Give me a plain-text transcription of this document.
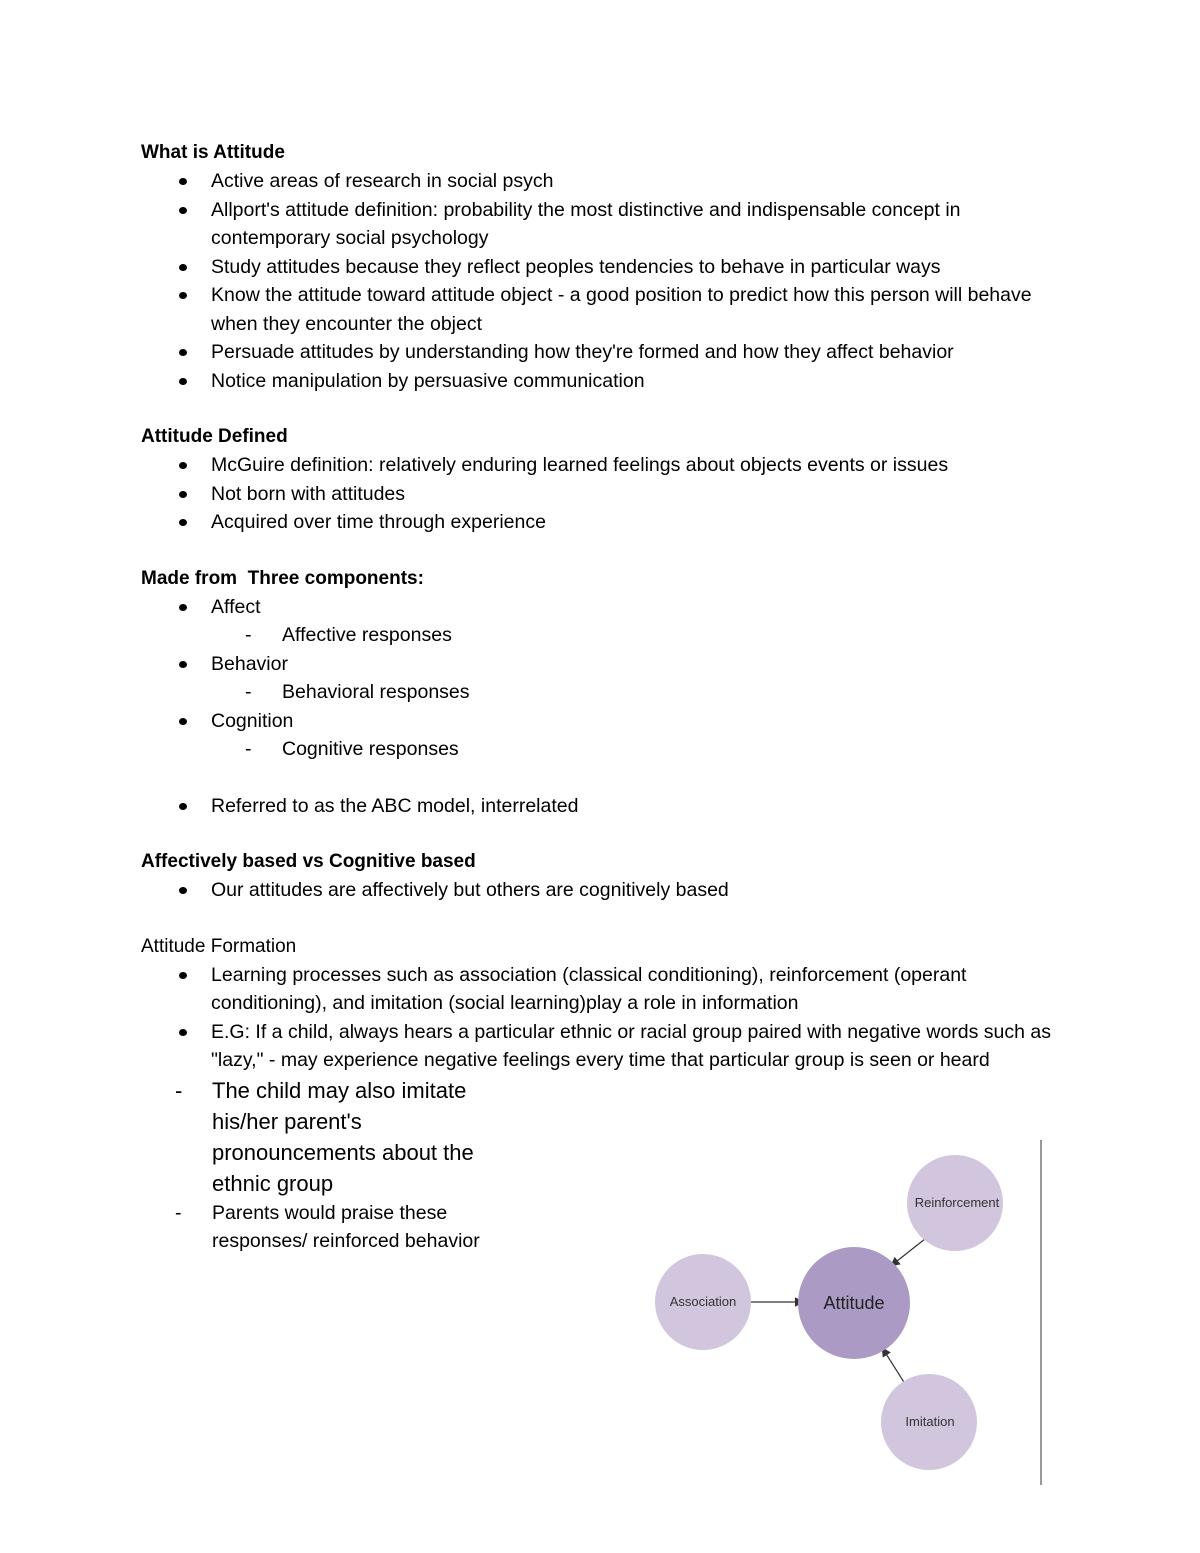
What is Attitude

Active areas of research in social psych
Allport's attitude definition: probability the most distinctive and indispensable concept in contemporary social psychology
Study attitudes because they reflect peoples tendencies to behave in particular ways
Know the attitude toward attitude object - a good position to predict how this person will behave when they encounter the object
Persuade attitudes by understanding how they're formed and how they affect behavior
Notice manipulation by persuasive communication

Attitude Defined

McGuire definition: relatively enduring learned feelings about objects events or issues
Not born with attitudes
Acquired over time through experience

Made from  Three components:

Affect
- Affective responses
Behavior
- Behavioral responses
Cognition
- Cognitive responses
Referred to as the ABC model, interrelated

Affectively based vs Cognitive based

Our attitudes are affectively but others are cognitively based

Attitude Formation

Learning processes such as association (classical conditioning), reinforcement (operant conditioning), and imitation (social learning)play a role in information
E.G: If a child, always hears a particular ethnic or racial group paired with negative words such as "lazy," - may experience negative feelings every time that particular group is seen or heard
- The child may also imitate his/her parent's pronouncements about the ethnic group
- Parents would praise these responses/ reinforced behavior
Association
Reinforcement
Imitation
Attitude
